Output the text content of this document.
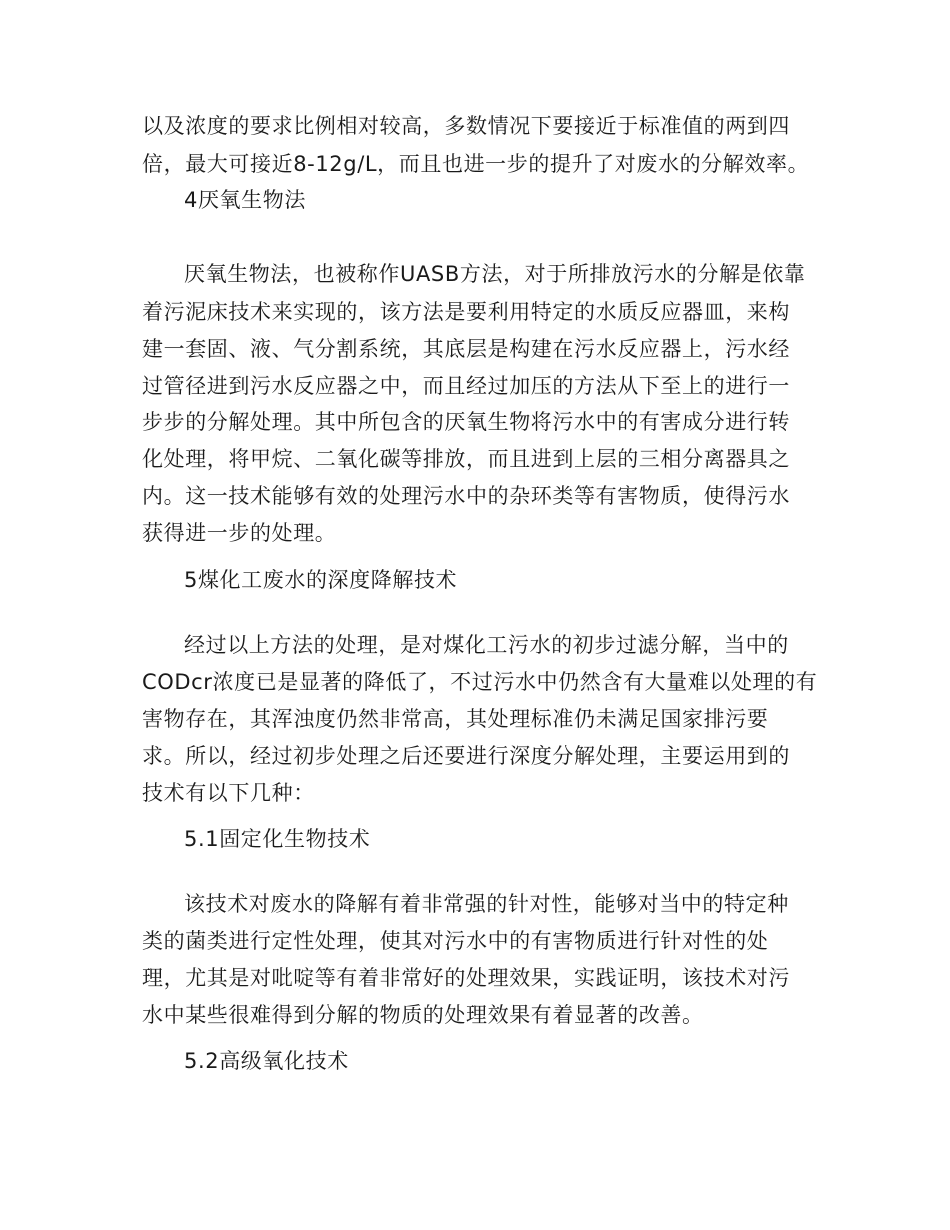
以及浓度的要求比例相对较高，多数情况下要接近于标准值的两到四
倍，最大可接近8-12g/L，而且也进一步的提升了对废水的分解效率。
4厌氧生物法
厌氧生物法，也被称作UASB方法，对于所排放污水的分解是依靠
着污泥床技术来实现的，该方法是要利用特定的水质反应器皿，来构
建一套固、液、气分割系统，其底层是构建在污水反应器上，污水经
过管径进到污水反应器之中，而且经过加压的方法从下至上的进行一
步步的分解处理。其中所包含的厌氧生物将污水中的有害成分进行转
化处理，将甲烷、二氧化碳等排放，而且进到上层的三相分离器具之
内。这一技术能够有效的处理污水中的杂环类等有害物质，使得污水
获得进一步的处理。
5煤化工废水的深度降解技术
经过以上方法的处理，是对煤化工污水的初步过滤分解，当中的
CODcr浓度已是显著的降低了，不过污水中仍然含有大量难以处理的有
害物存在，其浑浊度仍然非常高，其处理标准仍未满足国家排污要
求。所以，经过初步处理之后还要进行深度分解处理，主要运用到的
技术有以下几种：
5.1固定化生物技术
该技术对废水的降解有着非常强的针对性，能够对当中的特定种
类的菌类进行定性处理，使其对污水中的有害物质进行针对性的处
理，尤其是对吡啶等有着非常好的处理效果，实践证明，该技术对污
水中某些很难得到分解的物质的处理效果有着显著的改善。
5.2高级氧化技术
